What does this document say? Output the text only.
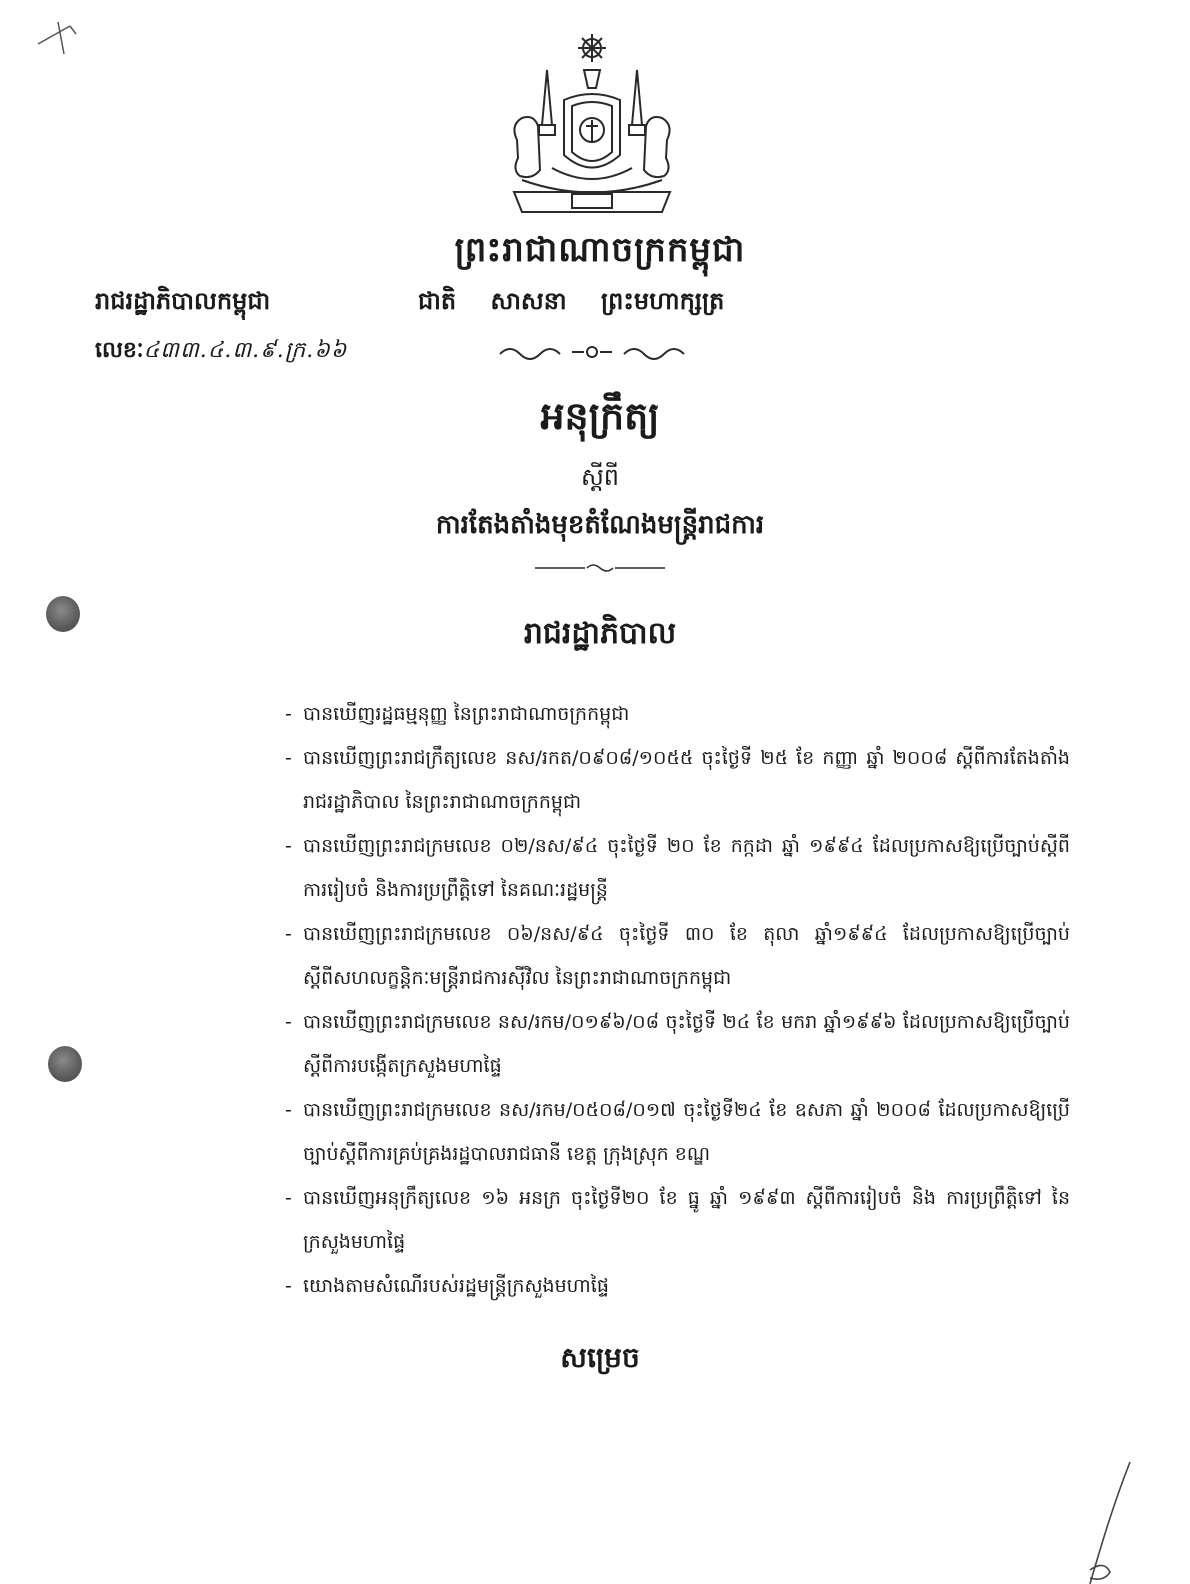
ព្រះរាជាណាចក្រកម្ពុជា
ជាតិ សាសនា ព្រះមហាក្សត្រ
រាជរដ្ឋាភិបាលកម្ពុជា
លេខៈ៤៣៣.៤.៣.៩.ក្រ.៦៦
អនុក្រឹត្យ
ស្តីពី
ការតែងតាំងមុខតំណែងមន្ត្រីរាជការ
រាជរដ្ឋាភិបាល
- បានឃើញរដ្ឋធម្មនុញ្ញ នៃព្រះរាជាណាចក្រកម្ពុជា
- បានឃើញព្រះរាជក្រឹត្យលេខ នស/រកត/០៩០៨/១០៥៥ ចុះថ្ងៃទី ២៥ ខែ កញ្ញា ឆ្នាំ ២០០៨ ស្តីពីការតែងតាំងរាជរដ្ឋាភិបាល នៃព្រះរាជាណាចក្រកម្ពុជា
- បានឃើញព្រះរាជក្រមលេខ ០២/នស/៩៤ ចុះថ្ងៃទី ២០ ខែ កក្កដា ឆ្នាំ ១៩៩៤ ដែលប្រកាសឱ្យប្រើច្បាប់ស្តីពីការរៀបចំ និងការប្រព្រឹត្តិទៅ នៃគណៈរដ្ឋមន្ត្រី
- បានឃើញព្រះរាជក្រមលេខ ០៦/នស/៩៤ ចុះថ្ងៃទី ៣០ ខែ តុលា ឆ្នាំ១៩៩៤ ដែលប្រកាសឱ្យប្រើច្បាប់ស្តីពីសហលក្ខន្តិកៈមន្ត្រីរាជការស៊ីវិល នៃព្រះរាជាណាចក្រកម្ពុជា
- បានឃើញព្រះរាជក្រមលេខ នស/រកម/០១៩៦/០៨ ចុះថ្ងៃទី ២៤ ខែ មករា ឆ្នាំ១៩៩៦ ដែលប្រកាសឱ្យប្រើច្បាប់ស្តីពីការបង្កើតក្រសួងមហាផ្ទៃ
- បានឃើញព្រះរាជក្រមលេខ នស/រកម/០៥០៨/០១៧ ចុះថ្ងៃទី២៤ ខែ ឧសភា ឆ្នាំ ២០០៨ ដែលប្រកាសឱ្យប្រើច្បាប់ស្តីពីការគ្រប់គ្រងរដ្ឋបាលរាជធានី ខេត្ត ក្រុងស្រុក ខណ្ឌ
- បានឃើញអនុក្រឹត្យលេខ ១៦ អនក្រ ចុះថ្ងៃទី២០ ខែ ធ្នូ ឆ្នាំ ១៩៩៣ ស្តីពីការរៀបចំ និង ការប្រព្រឹត្តិទៅ នៃក្រសួងមហាផ្ទៃ
- យោងតាមសំណើរបស់រដ្ឋមន្ត្រីក្រសួងមហាផ្ទៃ
សម្រេច
